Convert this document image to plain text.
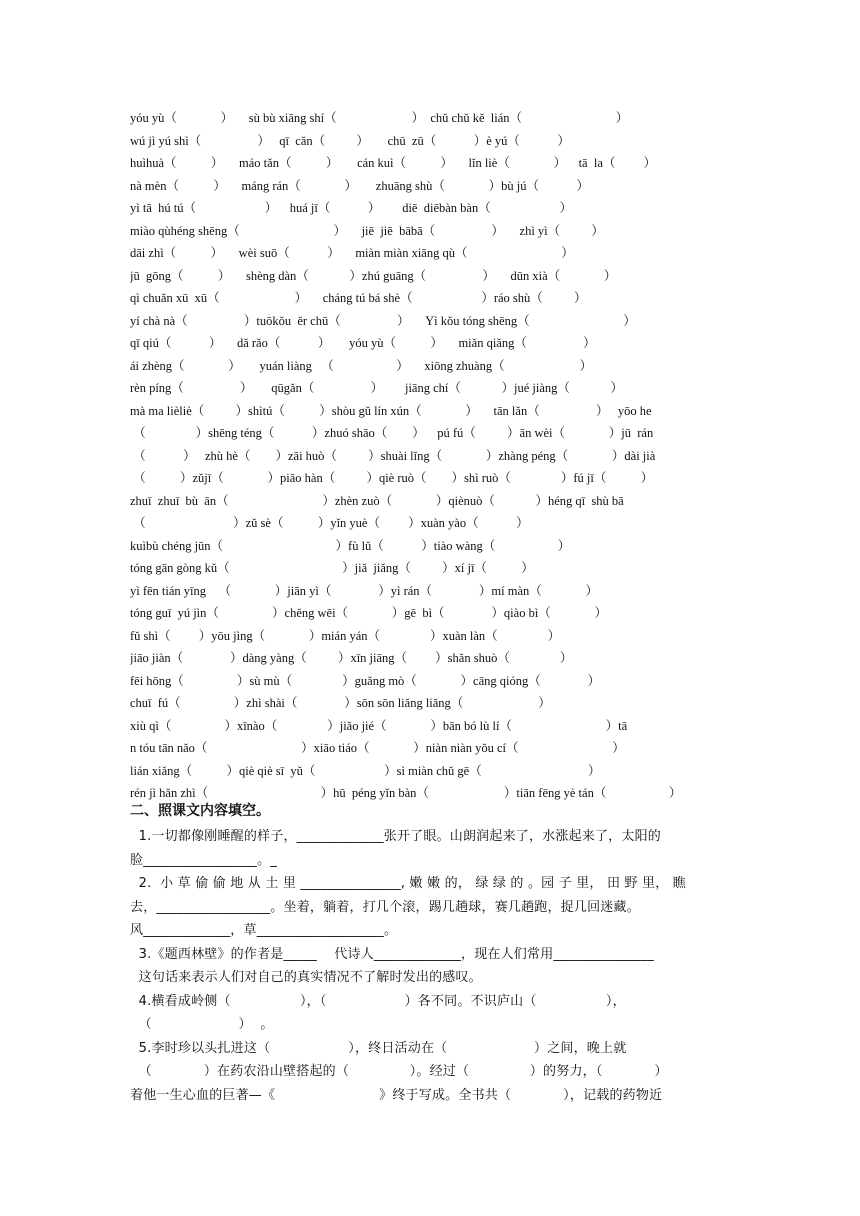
yóu yù（              ）     sù bù xiāng shí（                        ）  chǔ chǔ kě  lián（                              ）
wú jì yú shì（                  ）   qī  cǎn（          ）      chū  zū（            ）è yú（            ）
huìhuà（           ）     máo tǎn（           ）      cán kuì（           ）     lǐn liè（              ）    tā  la（         ）
nà mèn（           ）     máng rán（              ）      zhuāng shù（              ）bù jú（            ）
yì tā  hú tú（                      ）    huá jī（            ）       diē  diēbàn bàn（                      ）
miào qùhéng shēng（                              ）     jiē  jiē  bābā（                  ）     zhì yì（          ）
dāi zhì（           ）     wèi suō（            ）     miàn miàn xiāng qù（                              ）
jū  gōng（           ）     shèng dàn（             ）zhú guāng（                  ）     dūn xià（              ）
qì chuǎn xū  xū（                        ）     cháng tú bá shè（                      ）ráo shù（          ）
yí chà nà（                  ）tuōkǒu  ěr chū（                  ）     Yì kǒu tóng shēng（                              ）
qī qiú（            ）     dǎ rǎo（            ）      yóu yù（           ）     miǎn qiǎng（                  ）
ái zhèng（              ）      yuán liàng   （                    ）     xiōng zhuàng（                        ）
rèn píng（                  ）      qūgǎn（                  ）       jiāng chí（             ）jué jiàng（             ）
mà ma lièliè（          ）shìtú（           ）shòu gǔ lín xún（              ）     tān lǎn（                  ）   yōo he
（                ）shēng téng（            ）zhuó shāo（        ）    pú fú（          ）ān wèi（              ）jū  rán
（            ）   zhù hè（        ）zāi huò（          ）shuài lǐng（              ）zhàng péng（              ）dài jià
（           ）zǔjī（              ）piāo hàn（          ）qiè ruò（        ）shì ruò（                ）fú jī（           ）
zhuī  zhuī  bù  ān（                              ）zhèn zuò（              ）qiènuò（             ）héng qī  shù bā
（                            ）zǔ sè（           ）yǐn yuè（         ）xuàn yào（            ）
kuìbù chéng jūn（                                    ）fù lǔ（            ）tiào wàng（                    ）
tóng gān gòng kǔ（                                    ）jiǎ  jiǎng（          ）xí jī（           ）
yì fēn tián yīng    （              ）jiān yì（               ）yì rán（               ）mí màn（              ）
tóng guī  yú jìn（                 ）chěng wēi（              ）gē  bì（               ）qiào bì（              ）
fǔ shì（         ）yōu jìng（              ）mián yán（                ）xuàn làn（                ）
jiāo jiàn（               ）dàng yàng（          ）xīn jiāng（         ）shǎn shuò（                ）
fēi hōng（                 ）sù mù（                ）guǎng mò（              ）cāng qióng（               ）
chuī  fú（                 ）zhì shài（               ）sōn sōn liǎng liǎng（                        ）
xiù qì（                 ）xīnào（                ）jiǎo jié（              ）bān bó lù lí（                              ）tā
n tóu tān nǎo（                              ）xiāo tiáo（              ）niàn niàn yǒu cí（                              ）
lián xiǎng（           ）qiè qiè sī  yǔ（                      ）sì miàn chǔ gē（                                  ）
rén jì hǎn zhì（                                    ）hū  péng yǐn bàn（                        ）tiān fēng yè tán（                    ）
二、照课文内容填空。
1.一切都像刚睡醒的样子，_____________张开了眼。山朗润起来了，水涨起来了，太阳的
脸_________________。_
2.  小 草 偷 偷 地 从 土 里 _______________, 嫩 嫩 的， 绿 绿 的 。园 子 里， 田 野 里， 瞧
去，_________________。坐着，躺着，打几个滚，踢几趟球，赛几趟跑，捉几回迷藏。
风_____________，草___________________。
3.《题西林壁》的作者是_____    代诗人_____________，现在人们常用_______________
这句话来表示人们对自己的真实情况不了解时发出的感叹。
4.横看成岭侧（                ），（                  ）各不同。不识庐山（                ），
（                    ）  。
5.李时珍以头扎进这（                  ），终日活动在（                    ）之间，晚上就
（            ）在药农沿山壁搭起的（              ）。经过（              ）的努力，（            ）
着他一生心血的巨著—《                        》终于写成。全书共（            ），记载的药物近
